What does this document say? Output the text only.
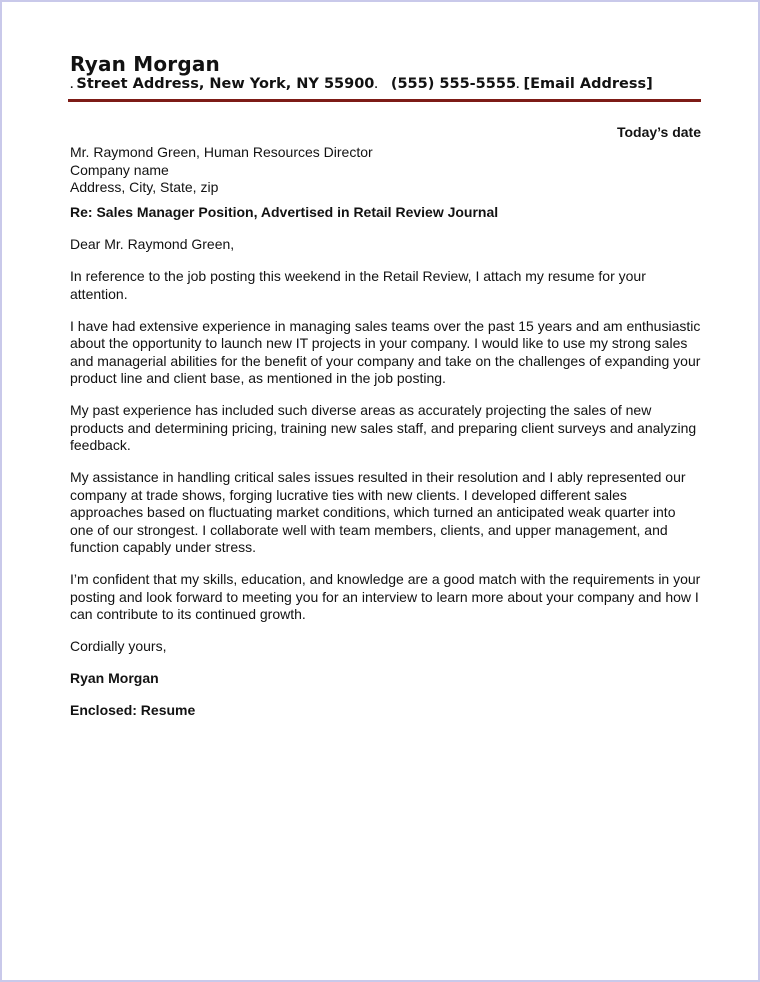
Ryan Morgan
. Street Address, New York, NY 55900. (555) 555-5555. [Email Address]
Today’s date
Mr. Raymond Green, Human Resources Director
Company name
Address, City, State, zip
Re: Sales Manager Position, Advertised in Retail Review Journal
Dear Mr. Raymond Green,

In reference to the job posting this weekend in the Retail Review, I attach my resume for your attention.

I have had extensive experience in managing sales teams over the past 15 years and am enthusiastic about the opportunity to launch new IT projects in your company. I would like to use my strong sales and managerial abilities for the benefit of your company and take on the challenges of expanding your product line and client base, as mentioned in the job posting.

My past experience has included such diverse areas as accurately projecting the sales of new products and determining pricing, training new sales staff, and preparing client surveys and analyzing feedback.

My assistance in handling critical sales issues resulted in their resolution and I ably represented our company at trade shows, forging lucrative ties with new clients. I developed different sales approaches based on fluctuating market conditions, which turned an anticipated weak quarter into one of our strongest. I collaborate well with team members, clients, and upper management, and function capably under stress.

I’m confident that my skills, education, and knowledge are a good match with the requirements in your posting and look forward to meeting you for an interview to learn more about your company and how I can contribute to its continued growth.

Cordially yours,
Ryan Morgan
Enclosed: Resume
